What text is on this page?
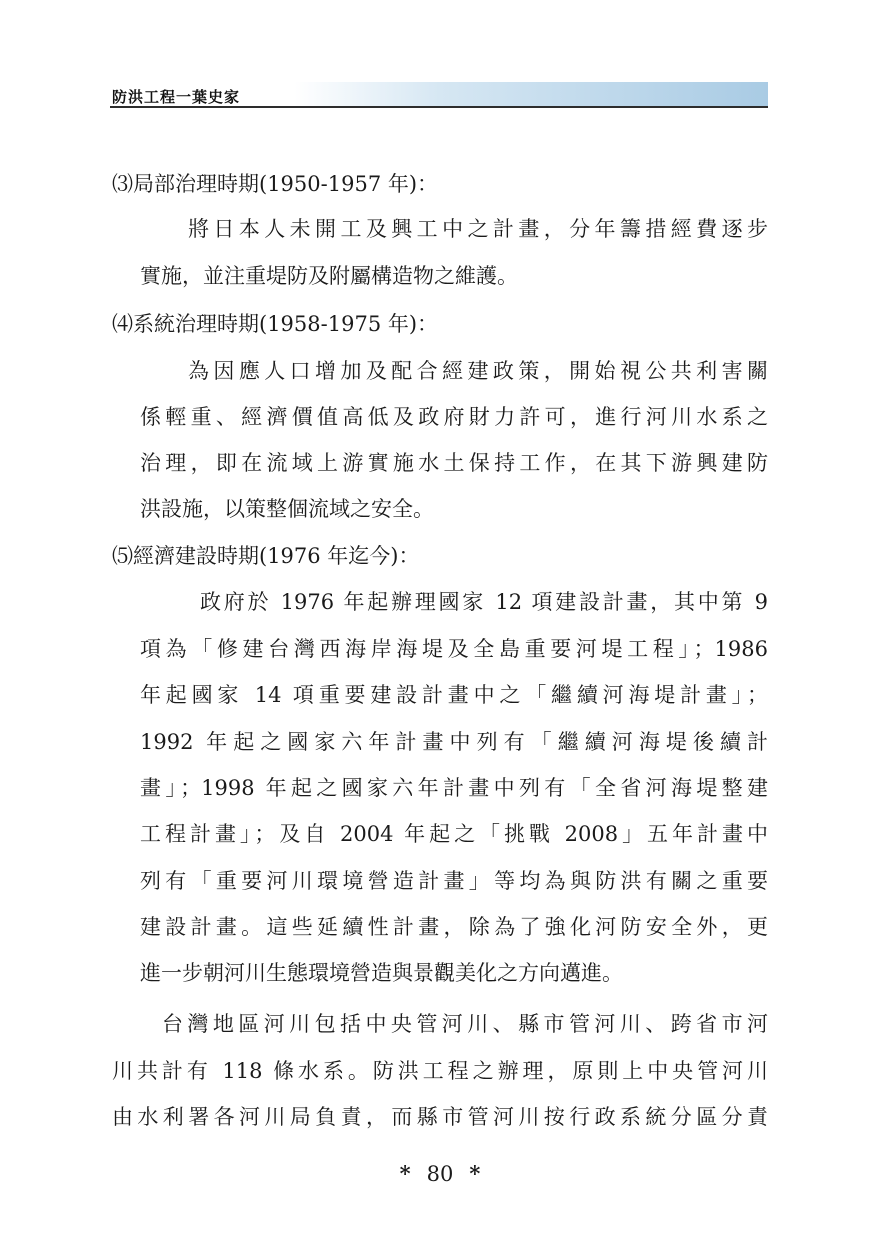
防洪工程一葉史家
⑶局部治理時期(1950-1957 年)：
將日本人未開工及興工中之計畫，分年籌措經費逐步
實施，並注重堤防及附屬構造物之維護。
⑷系統治理時期(1958-1975 年)：
為因應人口增加及配合經建政策，開始視公共利害關
係輕重、經濟價值高低及政府財力許可，進行河川水系之
治理，即在流域上游實施水土保持工作，在其下游興建防
洪設施，以策整個流域之安全。
⑸經濟建設時期(1976 年迄今)：
政府於 1976 年起辦理國家 12 項建設計畫，其中第 9
項為「修建台灣西海岸海堤及全島重要河堤工程」；1986
年起國家 14 項重要建設計畫中之「繼續河海堤計畫」；
1992 年起之國家六年計畫中列有「繼續河海堤後續計
畫」；1998 年起之國家六年計畫中列有「全省河海堤整建
工程計畫」；及自 2004 年起之「挑戰 2008」五年計畫中
列有「重要河川環境營造計畫」等均為與防洪有關之重要
建設計畫。這些延續性計畫，除為了強化河防安全外，更
進一步朝河川生態環境營造與景觀美化之方向邁進。
台灣地區河川包括中央管河川、縣市管河川、跨省市河
川共計有 118 條水系。防洪工程之辦理，原則上中央管河川
由水利署各河川局負責，而縣市管河川按行政系統分區分責
* 80 *
